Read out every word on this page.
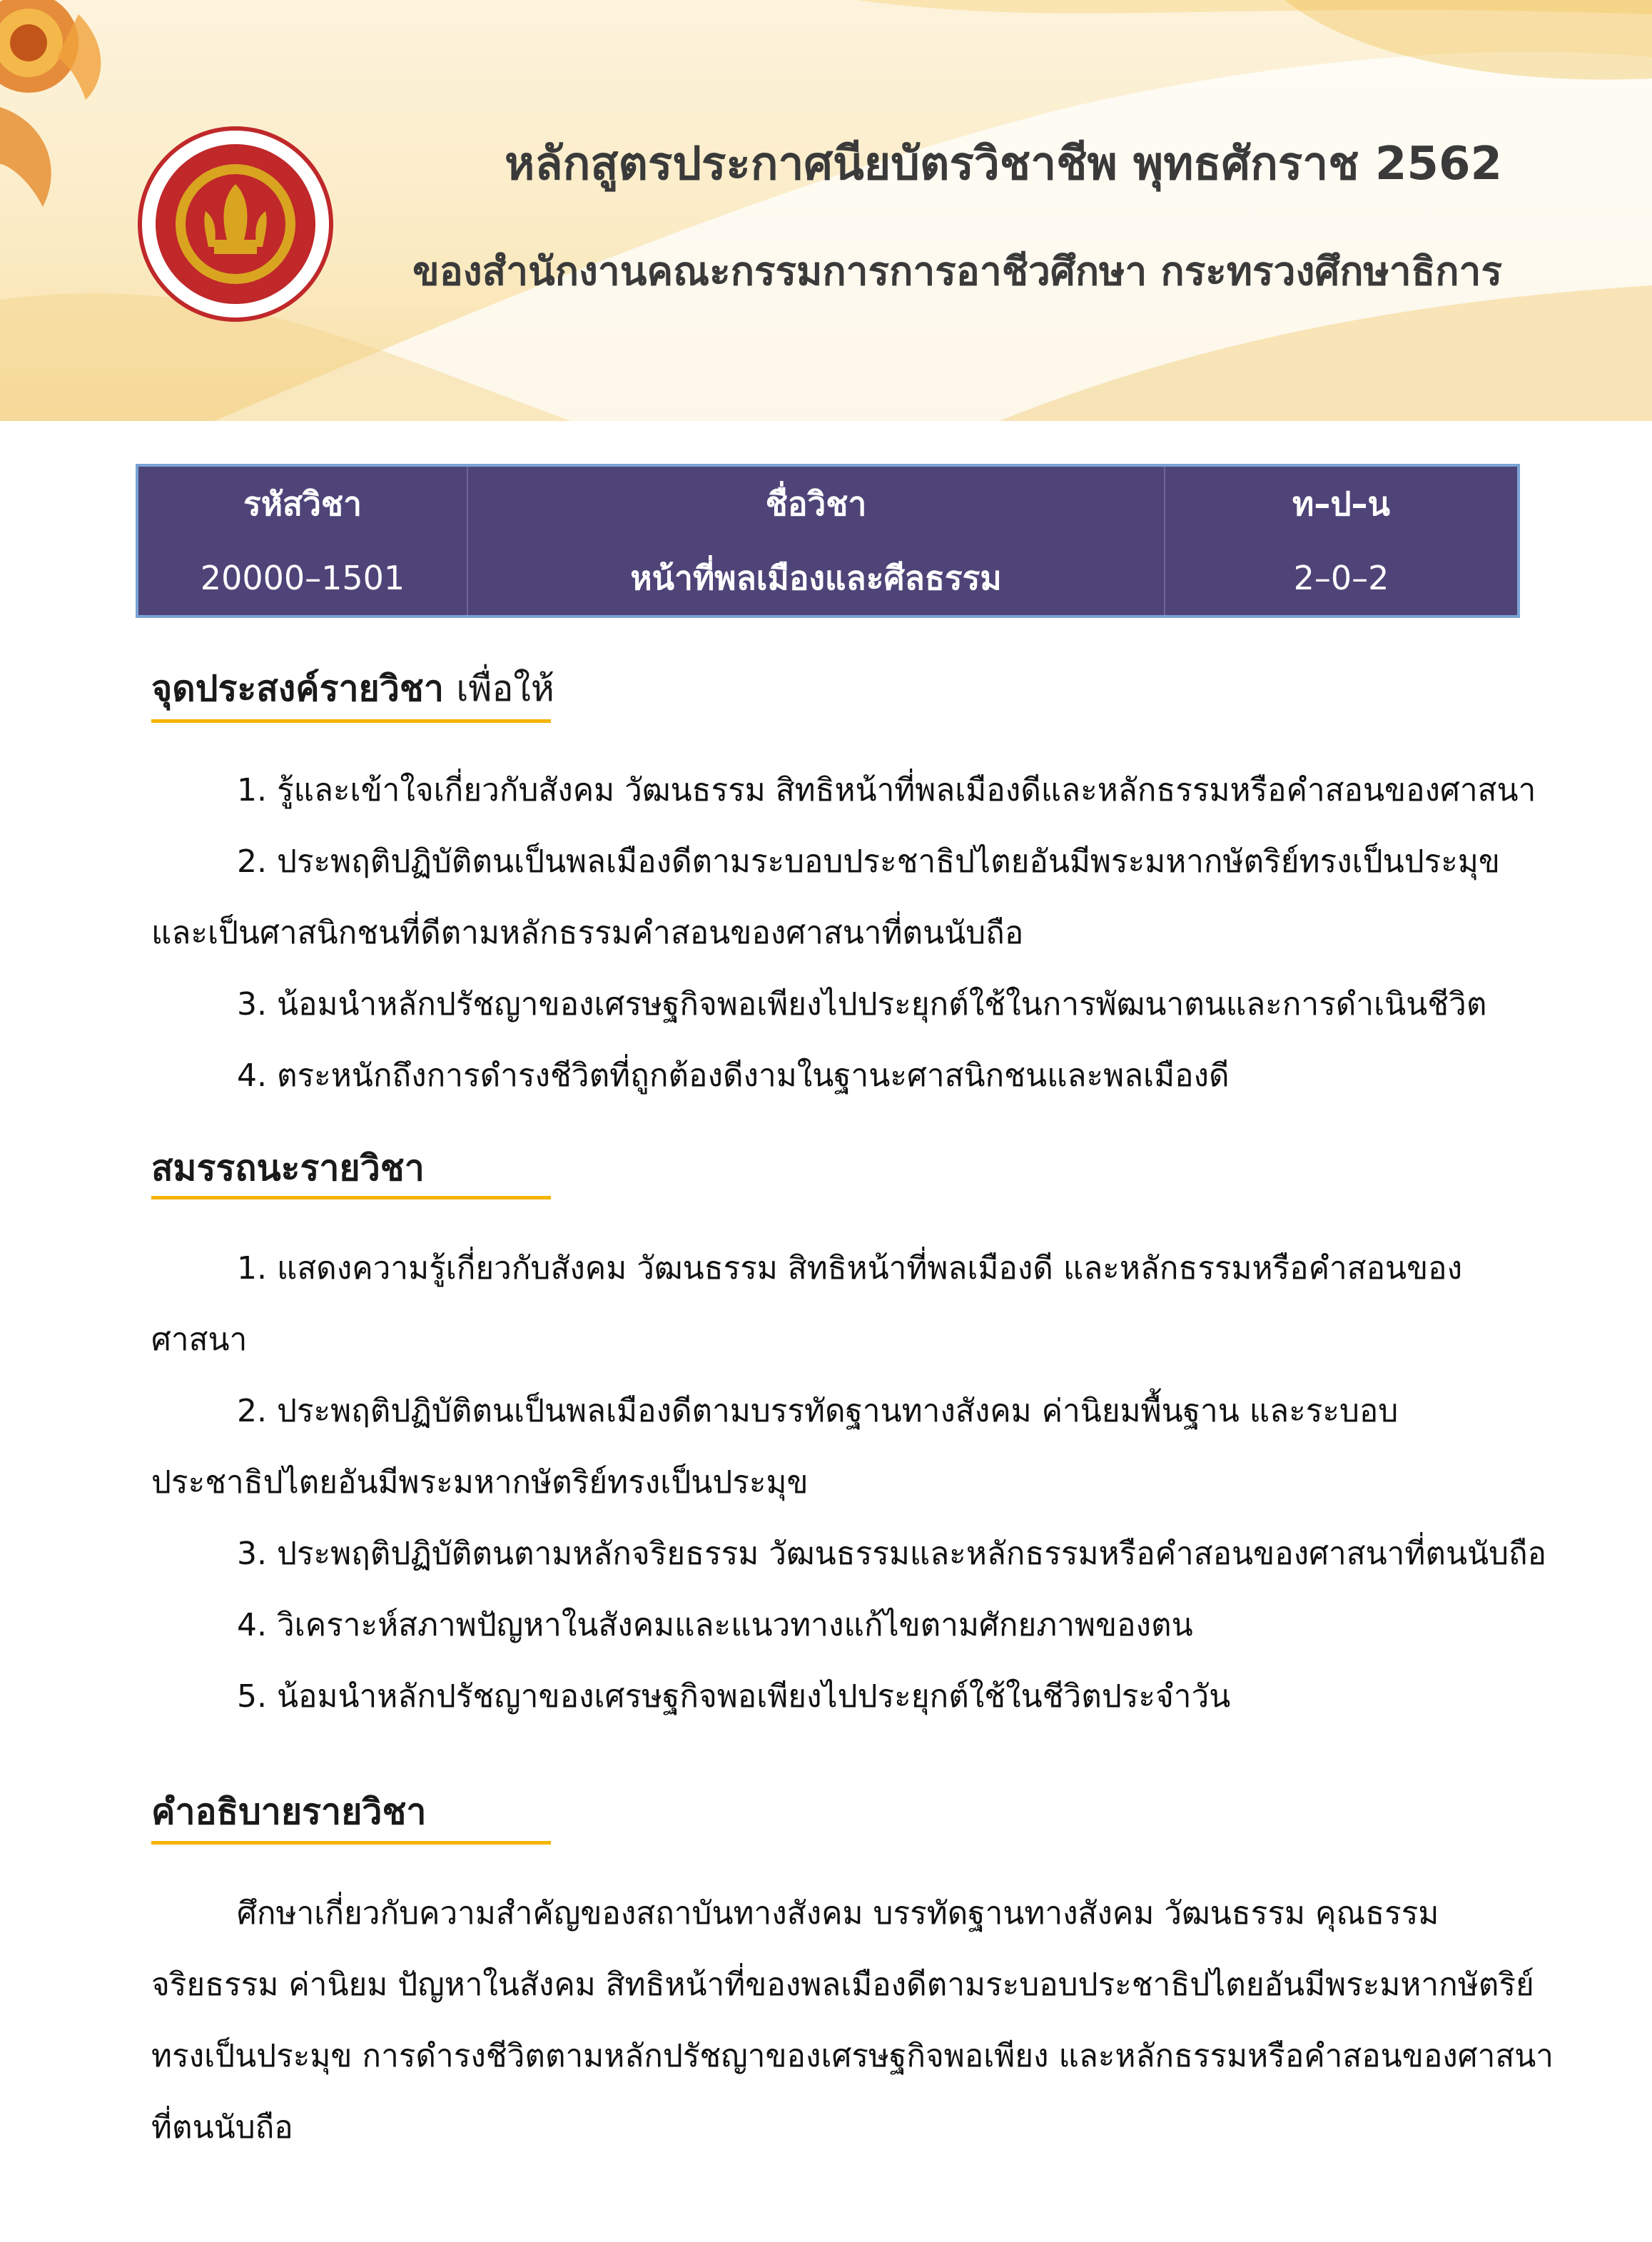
หลักสูตรประกาศนียบัตรวิชาชีพ พุทธศักราช 2562
ของสำนักงานคณะกรรมการการอาชีวศึกษา กระทรวงศึกษาธิการ
รหัสวิชา	ชื่อวิชา	ท–ป–น
20000–1501	หน้าที่พลเมืองและศีลธรรม	2–0–2
จุดประสงค์รายวิชา เพื่อให้
1. รู้และเข้าใจเกี่ยวกับสังคม วัฒนธรรม สิทธิหน้าที่พลเมืองดีและหลักธรรมหรือคำสอนของศาสนา
2. ประพฤติปฏิบัติตนเป็นพลเมืองดีตามระบอบประชาธิปไตยอันมีพระมหากษัตริย์ทรงเป็นประมุข
และเป็นศาสนิกชนที่ดีตามหลักธรรมคำสอนของศาสนาที่ตนนับถือ
3. น้อมนำหลักปรัชญาของเศรษฐกิจพอเพียงไปประยุกต์ใช้ในการพัฒนาตนและการดำเนินชีวิต
4. ตระหนักถึงการดำรงชีวิตที่ถูกต้องดีงามในฐานะศาสนิกชนและพลเมืองดี
สมรรถนะรายวิชา
1. แสดงความรู้เกี่ยวกับสังคม วัฒนธรรม สิทธิหน้าที่พลเมืองดี และหลักธรรมหรือคำสอนของ
ศาสนา
2. ประพฤติปฏิบัติตนเป็นพลเมืองดีตามบรรทัดฐานทางสังคม ค่านิยมพื้นฐาน และระบอบ
ประชาธิปไตยอันมีพระมหากษัตริย์ทรงเป็นประมุข
3. ประพฤติปฏิบัติตนตามหลักจริยธรรม วัฒนธรรมและหลักธรรมหรือคำสอนของศาสนาที่ตนนับถือ
4. วิเคราะห์สภาพปัญหาในสังคมและแนวทางแก้ไขตามศักยภาพของตน
5. น้อมนำหลักปรัชญาของเศรษฐกิจพอเพียงไปประยุกต์ใช้ในชีวิตประจำวัน
คำอธิบายรายวิชา
ศึกษาเกี่ยวกับความสำคัญของสถาบันทางสังคม บรรทัดฐานทางสังคม วัฒนธรรม คุณธรรม
จริยธรรม ค่านิยม ปัญหาในสังคม สิทธิหน้าที่ของพลเมืองดีตามระบอบประชาธิปไตยอันมีพระมหากษัตริย์
ทรงเป็นประมุข การดำรงชีวิตตามหลักปรัชญาของเศรษฐกิจพอเพียง และหลักธรรมหรือคำสอนของศาสนา
ที่ตนนับถือ
